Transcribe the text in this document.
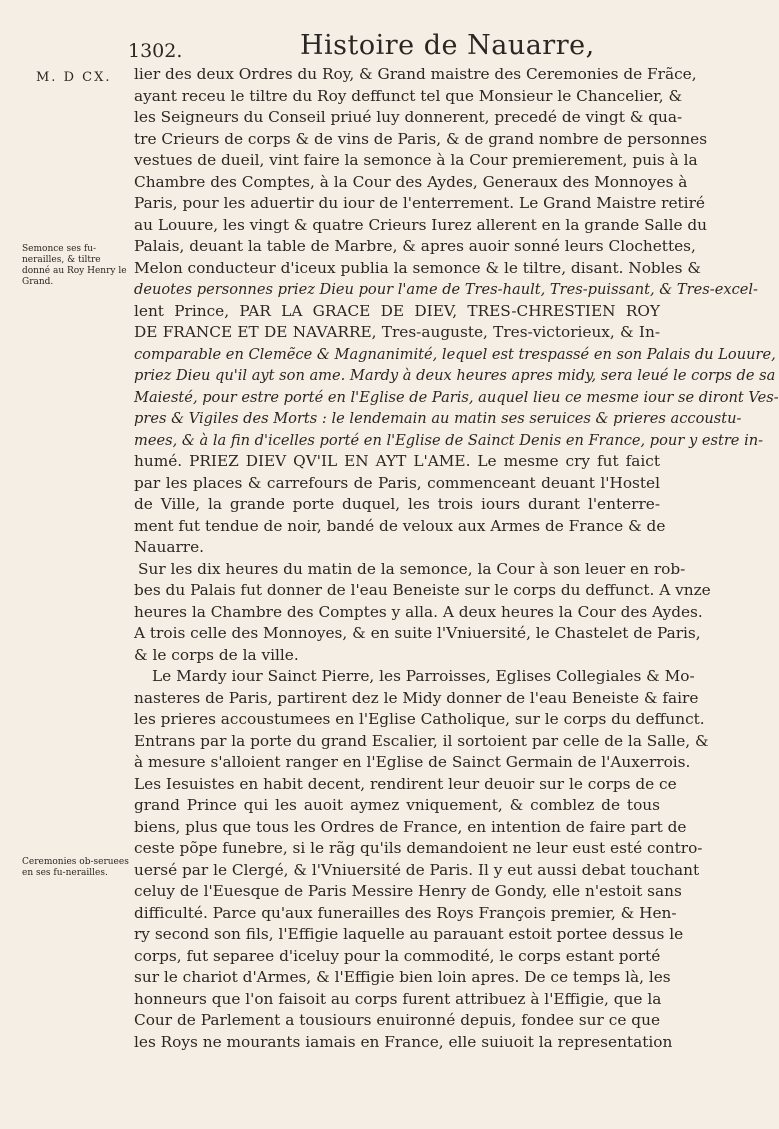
1302.	Histoire de Nauarre,
M. D CX.
Semonce ses fu-nerailles, & tiltre donné au Roy Henry le Grand.
Ceremonies ob-seruees en ses fu-nerailles.
lier des deux Ordres du Roy, & Grand maistre des Ceremonies de Frãce,
ayant receu le tiltre du Roy deffunct tel que Monsieur le Chancelier, &
les Seigneurs du Conseil priué luy donnerent, precedé de vingt & qua-
tre Crieurs de corps & de vins de Paris, & de grand nombre de personnes
vestues de dueil, vint faire la semonce à la Cour premierement, puis à la
Chambre des Comptes, à la Cour des Aydes, Generaux des Monnoyes à
Paris, pour les aduertir du iour de l'enterrement. Le Grand Maistre retiré
au Louure, les vingt & quatre Crieurs Iurez allerent en la grande Salle du
Palais, deuant la table de Marbre, & apres auoir sonné leurs Clochettes,
Melon conducteur d'iceux publia la semonce & le tiltre, disant. Nobles &
deuotes personnes priez Dieu pour l'ame de Tres-hault, Tres-puissant, & Tres-excel-
lent Prince, PAR LA GRACE DE DIEV, TRES-CHRESTIEN ROY
DE FRANCE ET DE NAVARRE, Tres-auguste, Tres-victorieux, & In-
comparable en Clemẽce & Magnanimité, lequel est trespassé en son Palais du Louure,
priez Dieu qu'il ayt son ame. Mardy à deux heures apres midy, sera leué le corps de sa
Maiesté, pour estre porté en l'Eglise de Paris, auquel lieu ce mesme iour se diront Ves-
pres & Vigiles des Morts : le lendemain au matin ses seruices & prieres accoustu-
mees, & à la fin d'icelles porté en l'Eglise de Sainct Denis en France, pour y estre in-
humé. PRIEZ DIEV QV'IL EN AYT L'AME. Le mesme cry fut faict
par les places & carrefours de Paris, commenceant deuant l'Hostel
de Ville, la grande porte duquel, les trois iours durant l'enterre-
ment fut tendue de noir, bandé de veloux aux Armes de France & de
Nauarre.
Sur les dix heures du matin de la semonce, la Cour à son leuer en rob-
bes du Palais fut donner de l'eau Beneiste sur le corps du deffunct. A vnze
heures la Chambre des Comptes y alla. A deux heures la Cour des Aydes.
A trois celle des Monnoyes, & en suite l'Vniuersité, le Chastelet de Paris,
& le corps de la ville.
Le Mardy iour Sainct Pierre, les Parroisses, Eglises Collegiales & Mo-
nasteres de Paris, partirent dez le Midy donner de l'eau Beneiste & faire
les prieres accoustumees en l'Eglise Catholique, sur le corps du deffunct.
Entrans par la porte du grand Escalier, il sortoient par celle de la Salle, &
à mesure s'alloient ranger en l'Eglise de Sainct Germain de l'Auxerrois.
Les Iesuistes en habit decent, rendirent leur deuoir sur le corps de ce
grand Prince qui les auoit aymez vniquement, & comblez de tous
biens, plus que tous les Ordres de France, en intention de faire part de
ceste põpe funebre, si le rãg qu'ils demandoient ne leur eust esté contro-
uersé par le Clergé, & l'Vniuersité de Paris. Il y eut aussi debat touchant
celuy de l'Euesque de Paris Messire Henry de Gondy, elle n'estoit sans
difficulté. Parce qu'aux funerailles des Roys François premier, & Hen-
ry second son fils, l'Effigie laquelle au parauant estoit portee dessus le
corps, fut separee d'iceluy pour la commodité, le corps estant porté
sur le chariot d'Armes, & l'Effigie bien loin apres. De ce temps là, les
honneurs que l'on faisoit au corps furent attribuez à l'Effigie, que la
Cour de Parlement a tousiours enuironné depuis, fondee sur ce que
les Roys ne mourants iamais en France, elle suiuoit la representation
